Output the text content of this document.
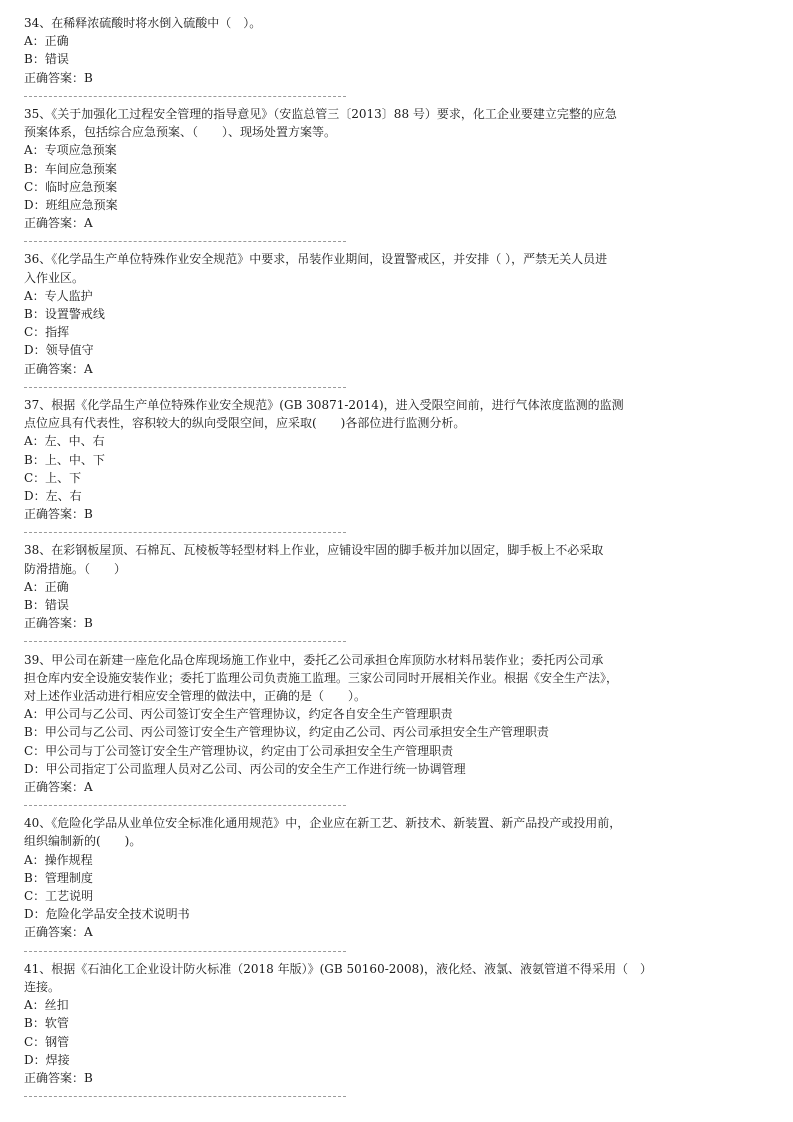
34、在稀释浓硫酸时将水倒入硫酸中（　）。
A：正确
B：错误
正确答案：B
35、《关于加强化工过程安全管理的指导意见》（安监总管三〔2013〕88 号）要求，化工企业要建立完整的应急
预案体系，包括综合应急预案、（　　）、现场处置方案等。
A：专项应急预案
B：车间应急预案
C：临时应急预案
D：班组应急预案
正确答案：A
36、《化学品生产单位特殊作业安全规范》中要求，吊装作业期间，设置警戒区，并安排（ ），严禁无关人员进
入作业区。
A：专人监护
B：设置警戒线
C：指挥
D：领导值守
正确答案：A
37、根据《化学品生产单位特殊作业安全规范》(GB 30871-2014)，进入受限空间前，进行气体浓度监测的监测
点位应具有代表性，容积较大的纵向受限空间，应采取(　　)各部位进行监测分析。
A：左、中、右
B：上、中、下
C：上、下
D：左、右
正确答案：B
38、在彩钢板屋顶、石棉瓦、瓦棱板等轻型材料上作业，应铺设牢固的脚手板并加以固定，脚手板上不必采取
防滑措施。（　　）
A：正确
B：错误
正确答案：B
39、甲公司在新建一座危化品仓库现场施工作业中，委托乙公司承担仓库顶防水材料吊装作业；委托丙公司承
担仓库内安全设施安装作业；委托丁监理公司负责施工监理。三家公司同时开展相关作业。根据《安全生产法》，
对上述作业活动进行相应安全管理的做法中，正确的是（　　）。
A：甲公司与乙公司、丙公司签订安全生产管理协议，约定各自安全生产管理职责
B：甲公司与乙公司、丙公司签订安全生产管理协议，约定由乙公司、丙公司承担安全生产管理职责
C：甲公司与丁公司签订安全生产管理协议，约定由丁公司承担安全生产管理职责
D：甲公司指定丁公司监理人员对乙公司、丙公司的安全生产工作进行统一协调管理
正确答案：A
40、《危险化学品从业单位安全标准化通用规范》中，企业应在新工艺、新技术、新装置、新产品投产或投用前，
组织编制新的(　　)。
A：操作规程
B：管理制度
C：工艺说明
D：危险化学品安全技术说明书
正确答案：A
41、根据《石油化工企业设计防火标准（2018 年版）》(GB 50160-2008)，液化烃、液氯、液氨管道不得采用（　）
连接。
A：丝扣
B：软管
C：钢管
D：焊接
正确答案：B
